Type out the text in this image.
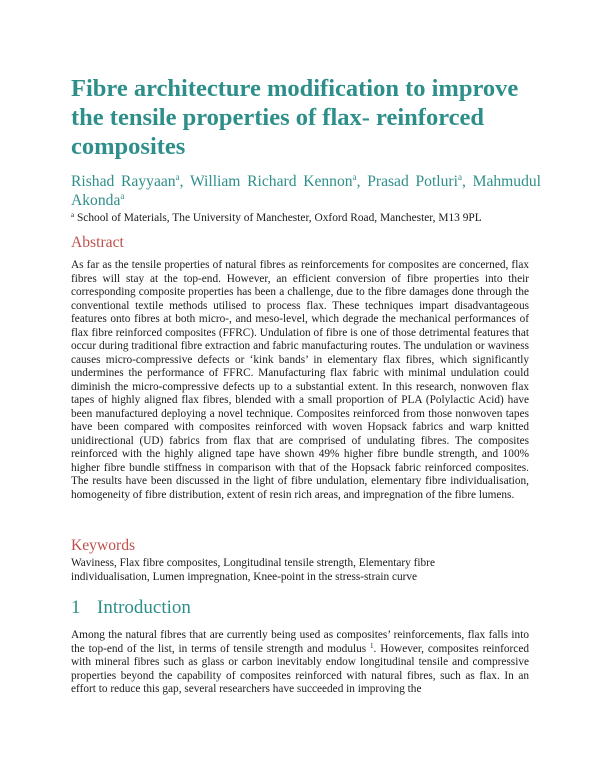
Fibre architecture modification to improve the tensile properties of flax- reinforced composites

Rishad Rayyaan$^a$, William Richard Kennon$^a$, Prasad Potluri$^a$, Mahmudul Akonda$^a$

$^a$ School of Materials, The University of Manchester, Oxford Road, Manchester, M13 9PL

Abstract

As far as the tensile properties of natural fibres as reinforcements for composites are concerned, flax fibres will stay at the top-end. However, an efficient conversion of fibre properties into their corresponding composite properties has been a challenge, due to the fibre damages done through the conventional textile methods utilised to process flax. These techniques impart disadvantageous features onto fibres at both micro-, and meso-level, which degrade the mechanical performances of flax fibre reinforced composites (FFRC). Undulation of fibre is one of those detrimental features that occur during traditional fibre extraction and fabric manufacturing routes. The undulation or waviness causes micro-compressive defects or ‘kink bands’ in elementary flax fibres, which significantly undermines the performance of FFRC. Manufacturing flax fabric with minimal undulation could diminish the micro-compressive defects up to a substantial extent. In this research, nonwoven flax tapes of highly aligned flax fibres, blended with a small proportion of PLA (Polylactic Acid) have been manufactured deploying a novel technique. Composites reinforced from those nonwoven tapes have been compared with composites reinforced with woven Hopsack fabrics and warp knitted unidirectional (UD) fabrics from flax that are comprised of undulating fibres. The composites reinforced with the highly aligned tape have shown 49% higher fibre bundle strength, and 100% higher fibre bundle stiffness in comparison with that of the Hopsack fabric reinforced composites. The results have been discussed in the light of fibre undulation, elementary fibre individualisation, homogeneity of fibre distribution, extent of resin rich areas, and impregnation of the fibre lumens.

Keywords

Waviness, Flax fibre composites, Longitudinal tensile strength, Elementary fibre individualisation, Lumen impregnation, Knee-point in the stress-strain curve

1 Introduction

Among the natural fibres that are currently being used as composites’ reinforcements, flax falls into the top-end of the list, in terms of tensile strength and modulus $^1$. However, composites reinforced with mineral fibres such as glass or carbon inevitably endow longitudinal tensile and compressive properties beyond the capability of composites reinforced with natural fibres, such as flax. In an effort to reduce this gap, several researchers have succeeded in improving the
